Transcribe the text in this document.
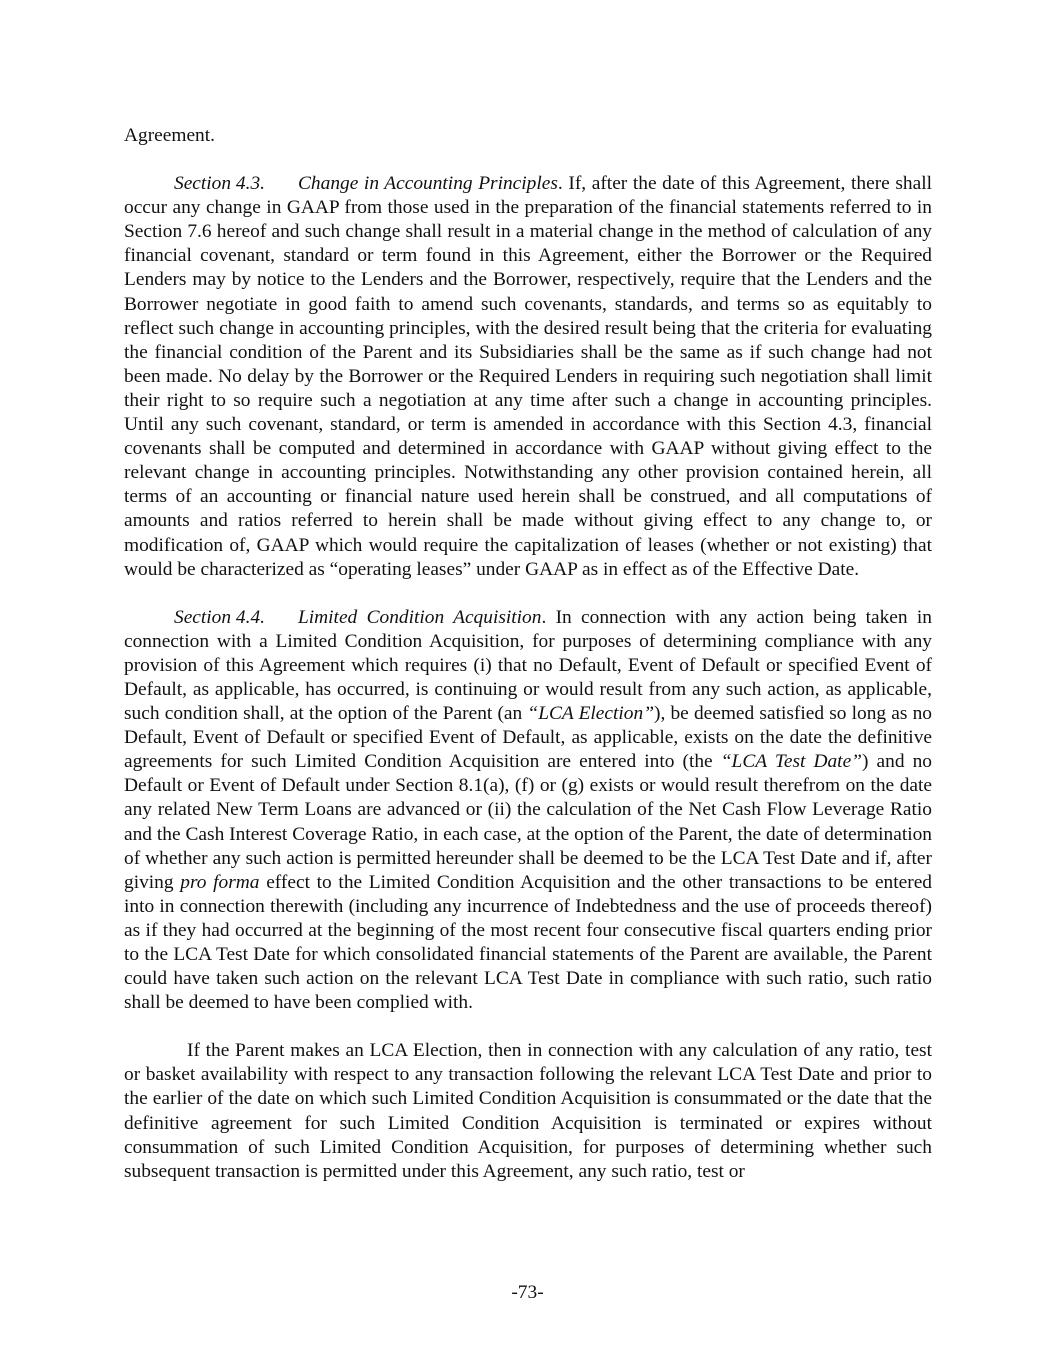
Agreement.

Section 4.3. Change in Accounting Principles. If, after the date of this Agreement, there shall occur any change in GAAP from those used in the preparation of the financial statements referred to in Section 7.6 hereof and such change shall result in a material change in the method of calculation of any financial covenant, standard or term found in this Agreement, either the Borrower or the Required Lenders may by notice to the Lenders and the Borrower, respectively, require that the Lenders and the Borrower negotiate in good faith to amend such covenants, standards, and terms so as equitably to reflect such change in accounting principles, with the desired result being that the criteria for evaluating the financial condition of the Parent and its Subsidiaries shall be the same as if such change had not been made. No delay by the Borrower or the Required Lenders in requiring such negotiation shall limit their right to so require such a negotiation at any time after such a change in accounting principles. Until any such covenant, standard, or term is amended in accordance with this Section 4.3, financial covenants shall be computed and determined in accordance with GAAP without giving effect to the relevant change in accounting principles. Notwithstanding any other provision contained herein, all terms of an accounting or financial nature used herein shall be construed, and all computations of amounts and ratios referred to herein shall be made without giving effect to any change to, or modification of, GAAP which would require the capitalization of leases (whether or not existing) that would be characterized as “operating leases” under GAAP as in effect as of the Effective Date.

Section 4.4. Limited Condition Acquisition. In connection with any action being taken in connection with a Limited Condition Acquisition, for purposes of determining compliance with any provision of this Agreement which requires (i) that no Default, Event of Default or specified Event of Default, as applicable, has occurred, is continuing or would result from any such action, as applicable, such condition shall, at the option of the Parent (an “LCA Election”), be deemed satisfied so long as no Default, Event of Default or specified Event of Default, as applicable, exists on the date the definitive agreements for such Limited Condition Acquisition are entered into (the “LCA Test Date”) and no Default or Event of Default under Section 8.1(a), (f) or (g) exists or would result therefrom on the date any related New Term Loans are advanced or (ii) the calculation of the Net Cash Flow Leverage Ratio and the Cash Interest Coverage Ratio, in each case, at the option of the Parent, the date of determination of whether any such action is permitted hereunder shall be deemed to be the LCA Test Date and if, after giving pro forma effect to the Limited Condition Acquisition and the other transactions to be entered into in connection therewith (including any incurrence of Indebtedness and the use of proceeds thereof) as if they had occurred at the beginning of the most recent four consecutive fiscal quarters ending prior to the LCA Test Date for which consolidated financial statements of the Parent are available, the Parent could have taken such action on the relevant LCA Test Date in compliance with such ratio, such ratio shall be deemed to have been complied with.

If the Parent makes an LCA Election, then in connection with any calculation of any ratio, test or basket availability with respect to any transaction following the relevant LCA Test Date and prior to the earlier of the date on which such Limited Condition Acquisition is consummated or the date that the definitive agreement for such Limited Condition Acquisition is terminated or expires without consummation of such Limited Condition Acquisition, for purposes of determining whether such subsequent transaction is permitted under this Agreement, any such ratio, test or

-73-
